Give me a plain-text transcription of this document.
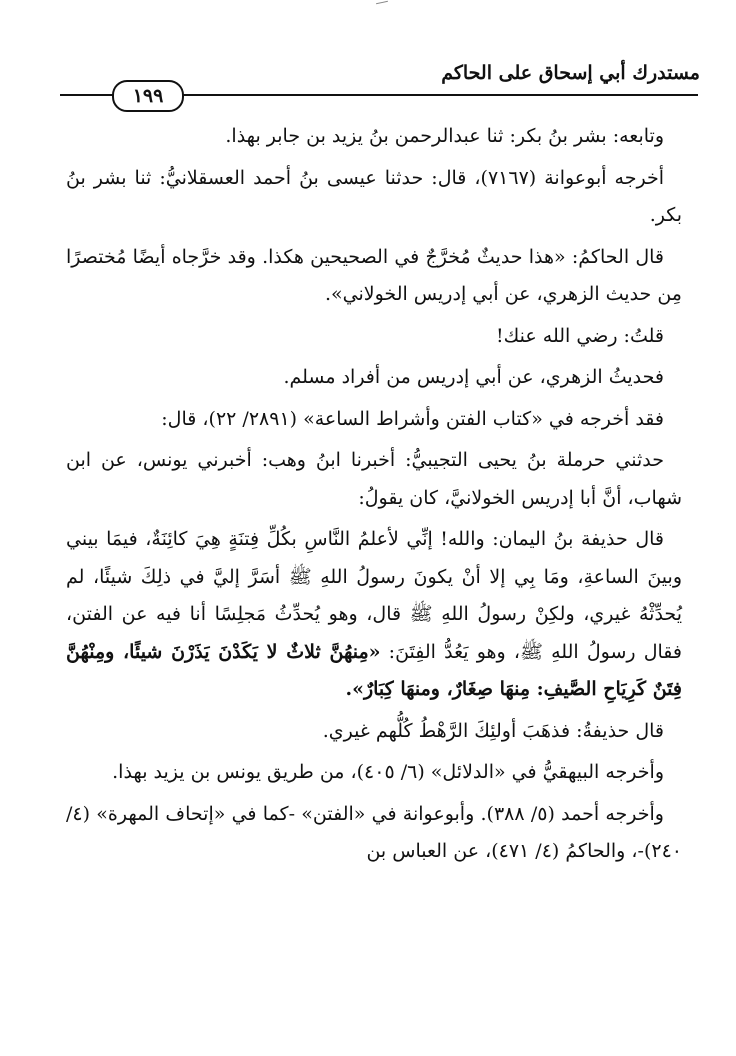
مستدرك أبي إسحاق على الحاكم
١٩٩

وتابعه: بشر بنُ بكر: ثنا عبدالرحمن بنُ يزيد بن جابر بهذا.

أخرجه أبوعوانة (٧١٦٧)، قال: حدثنا عيسى بنُ أحمد العسقلانيُّ: ثنا بشر بنُ بكر.

قال الحاكمُ: «هذا حديثٌ مُخرَّجٌ في الصحيحين هكذا. وقد خرَّجاه أيضًا مُختصرًا مِن حديث الزهري، عن أبي إدريس الخولاني».

قلتُ: رضي الله عنك!

فحديثُ الزهري، عن أبي إدريس من أفراد مسلم.

فقد أخرجه في «كتاب الفتن وأشراط الساعة» (٢٨٩١/ ٢٢)، قال:

حدثني حرملة بنُ يحيى التجيبيُّ: أخبرنا ابنُ وهب: أخبرني يونس، عن ابن شهاب، أنَّ أبا إدريس الخولانيَّ، كان يقولُ:

قال حذيفة بنُ اليمان: والله! إنِّي لأعلمُ النَّاسِ بكُلِّ فِتنَةٍ هِيَ كائِنَةٌ، فيمَا بيني وبينَ الساعةِ، ومَا بِي إلا أنْ يكونَ رسولُ اللهِ ﷺ أسَرَّ إليَّ في ذلِكَ شيئًا، لم يُحدِّثْهُ غيري، ولكِنْ رسولُ اللهِ ﷺ قال، وهو يُحدِّثُ مَجلِسًا أنا فيه عن الفتن، فقال رسولُ اللهِ ﷺ، وهو يَعُدُّ الفِتَنَ: «مِنهُنَّ ثلاثٌ لا يَكَدْنَ يَذَرْنَ شيئًا، ومِنْهُنَّ فِتَنٌ كَرِيَاحِ الصَّيفِ: مِنهَا صِغَارٌ، ومنهَا كِبَارٌ».

قال حذيفةُ: فذهَبَ أولئِكَ الرَّهْطُ كُلُّهم غيري.

وأخرجه البيهقيُّ في «الدلائل» (٦/ ٤٠٥)، من طريق يونس بن يزيد بهذا.

وأخرجه أحمد (٥/ ٣٨٨). وأبوعوانة في «الفتن» -كما في «إتحاف المهرة» (٤/ ٢٤٠)-، والحاكمُ (٤/ ٤٧١)، عن العباس بن
